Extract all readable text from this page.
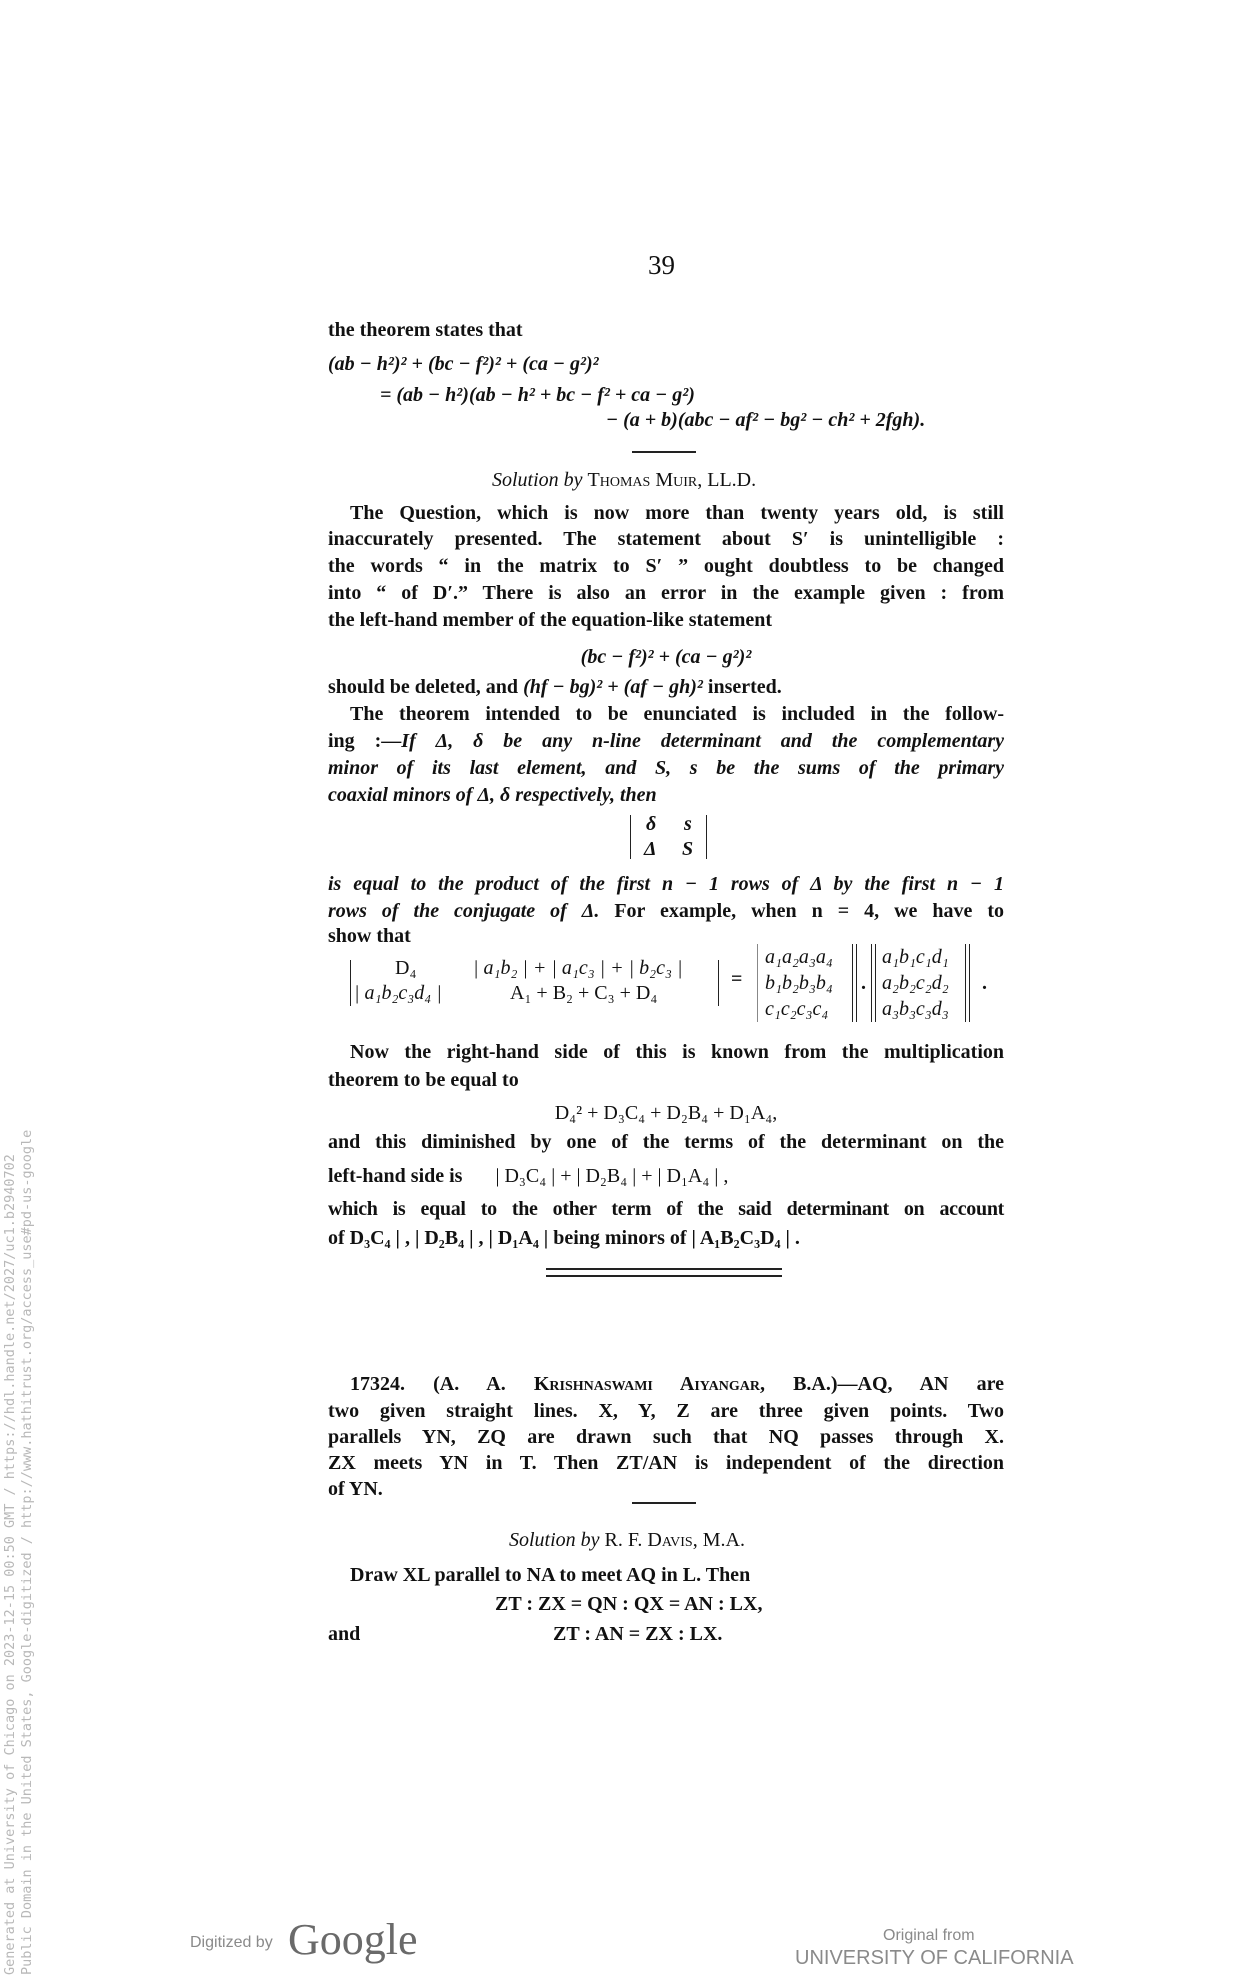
39
the theorem states that
(ab − h²)² + (bc − f²)² + (ca − g²)²
= (ab − h²)(ab − h² + bc − f² + ca − g²)
− (a + b)(abc − af² − bg² − ch² + 2fgh).
Solution by Thomas Muir, LL.D.
The Question, which is now more than twenty years old, is still
inaccurately presented. The statement about S′ is unintelligible :
the words “ in the matrix to S′ ” ought doubtless to be changed
into “ of D′.” There is also an error in the example given : from
the left-hand member of the equation-like statement
(bc − f²)² + (ca − g²)²
should be deleted, and (hf − bg)² + (af − gh)² inserted.
The theorem intended to be enunciated is included in the follow-
ing :—If Δ, δ be any n-line determinant and the complementary
minor of its last element, and S, s be the sums of the primary
coaxial minors of Δ, δ respectively, then
δ s
Δ S
is equal to the product of the first n − 1 rows of Δ by the first n − 1
rows of the conjugate of Δ. For example, when n = 4, we have to
show that
D₄	| a₁b₂ | + | a₁c₃ | + | b₂c₃ |
| a₁b₂c₃d₄ |	A₁ + B₂ + C₃ + D₄
=
a₁a₂a₃a₄
b₁b₂b₃b₄
c₁c₂c₃c₄
.
a₁b₁c₁d₁
a₂b₂c₂d₂
a₃b₃c₃d₃
.
Now the right-hand side of this is known from the multiplication
theorem to be equal to
D₄² + D₃C₄ + D₂B₄ + D₁A₄,
and this diminished by one of the terms of the determinant on the
left-hand side is | D₃C₄ | + | D₂B₄ | + | D₁A₄ | ,
which is equal to the other term of the said determinant on account
of D₃C₄ | , | D₂B₄ | , | D₁A₄ | being minors of | A₁B₂C₃D₄ | .
17324. (A. A. Krishnaswami Aiyangar, B.A.)—AQ, AN are
two given straight lines. X, Y, Z are three given points. Two
parallels YN, ZQ are drawn such that NQ passes through X.
ZX meets YN in T. Then ZT/AN is independent of the direction
of YN.
Solution by R. F. Davis, M.A.
Draw XL parallel to NA to meet AQ in L. Then
ZT : ZX = QN : QX = AN : LX,
and	ZT : AN = ZX : LX.
Generated at University of Chicago on 2023-12-15 00:50 GMT / https://hdl.handle.net/2027/uc1.b2940702 Public Domain in the United States, Google-digitized / http://www.hathitrust.org/access_use#pd-us-google	Digitized by Google	Original from
UNIVERSITY OF CALIFORNIA
